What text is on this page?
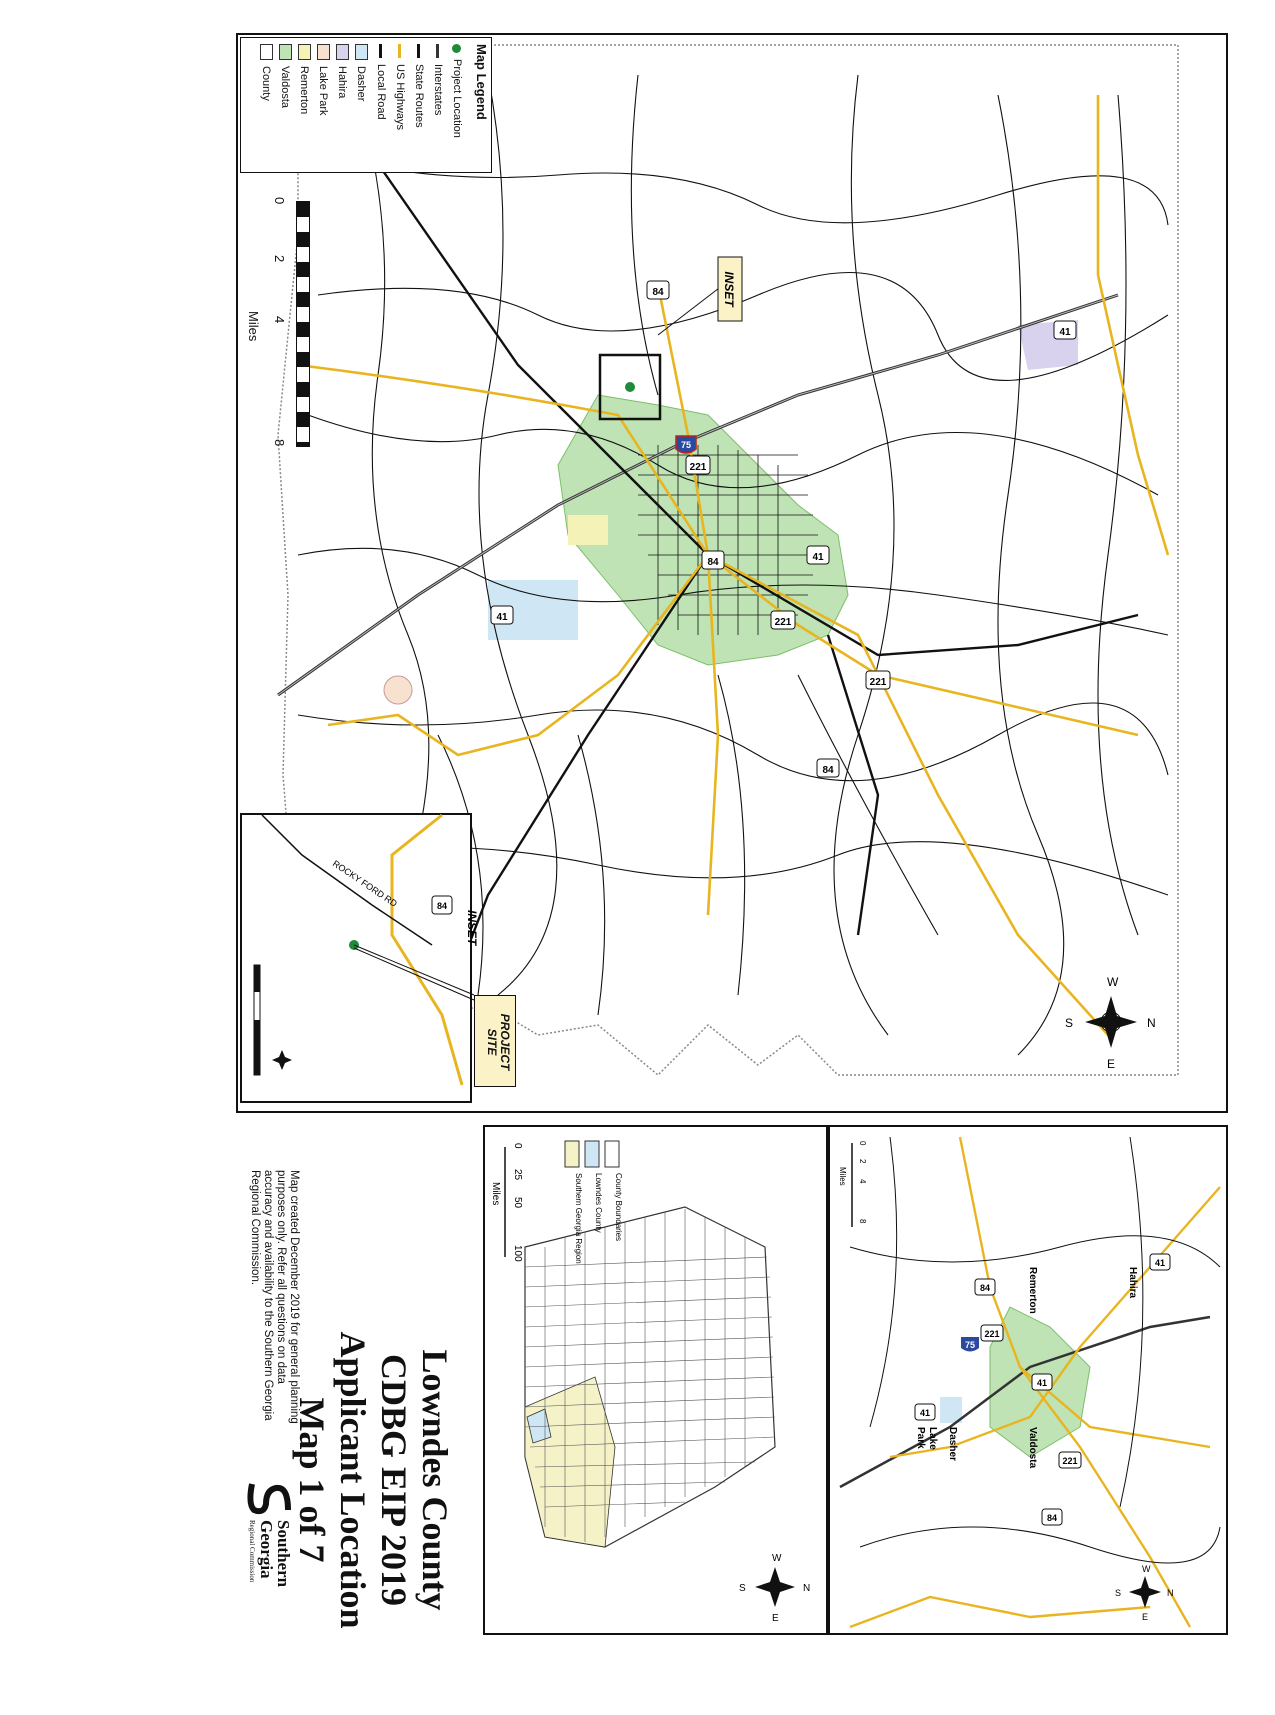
84
221
75
84	41
221
41
221
84
41
INSET
N
S
E
W
Map Legend
Project Location
Interstates
State Routes
US Highways
Local Road
Dasher
Hahira
Lake Park
Remerton
Valdosta
County
0
2
4
8
Miles
ROCKY FORD RD	84
INSET
PROJECT
SITE
Lowndes County
CDBG EIP 2019
Applicant Location
Map 1 of 7
Map created December 2019 for general planning purposes only. Refer all questions on data accuracy and availability to the Southern Georgia Regional Commission.
Southern
Georgia
Regional Commission
N
S
E
W
County Boundaries
Lowndes County
Southern Georgia Region
0
25
50
100
Miles
41
84
221
75
41
221
84
41
Hahira
Remerton
Valdosta
Dasher
Lake
Park
0
2
4
8
Miles
N
S
E
W
